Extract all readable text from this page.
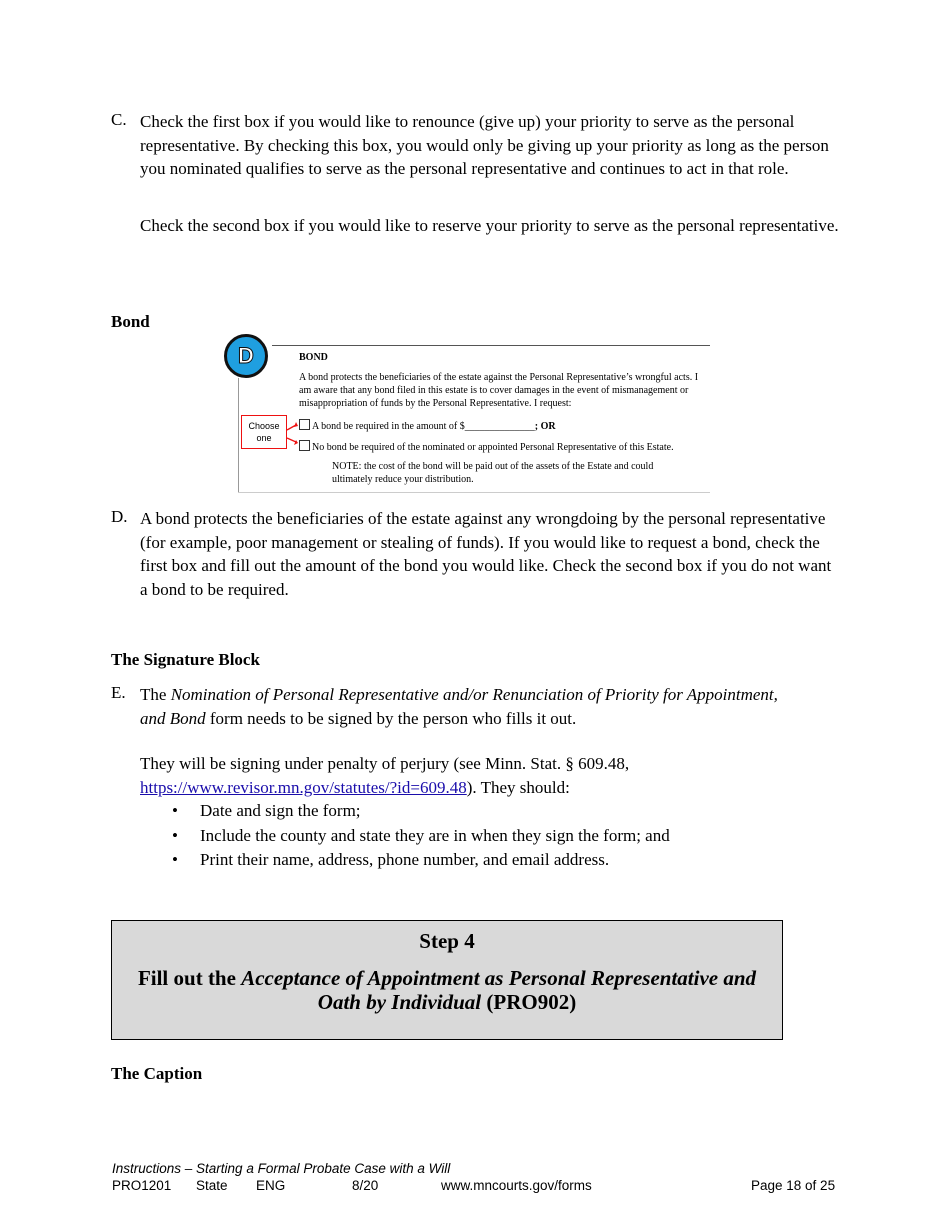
C. Check the first box if you would like to renounce (give up) your priority to serve as the personal representative. By checking this box, you would only be giving up your priority as long as the person you nominated qualifies to serve as the personal representative and continues to act in that role.
Check the second box if you would like to reserve your priority to serve as the personal representative.
Bond
D	BOND
A bond protects the beneficiaries of the estate against the Personal Representative’s wrongful acts. I am aware that any bond filed in this estate is to cover damages in the event of mismanagement or misappropriation of funds by the Personal Representative. I request:
Choose one
A bond be required in the amount of $______________; OR
No bond be required of the nominated or appointed Personal Representative of this Estate.
NOTE: the cost of the bond will be paid out of the assets of the Estate and could ultimately reduce your distribution.
D. A bond protects the beneficiaries of the estate against any wrongdoing by the personal representative (for example, poor management or stealing of funds). If you would like to request a bond, check the first box and fill out the amount of the bond you would like. Check the second box if you do not want a bond to be required.
The Signature Block
E. The Nomination of Personal Representative and/or Renunciation of Priority for Appointment, and Bond form needs to be signed by the person who fills it out.
They will be signing under penalty of perjury (see Minn. Stat. § 609.48, https://www.revisor.mn.gov/statutes/?id=609.48). They should:
• Date and sign the form;
• Include the county and state they are in when they sign the form; and
• Print their name, address, phone number, and email address.
Step 4
Fill out the Acceptance of Appointment as Personal Representative and Oath by Individual (PRO902)
The Caption
Instructions – Starting a Formal Probate Case with a Will
PRO1201 State ENG	8/20	www.mncourts.gov/forms	Page 18 of 25
